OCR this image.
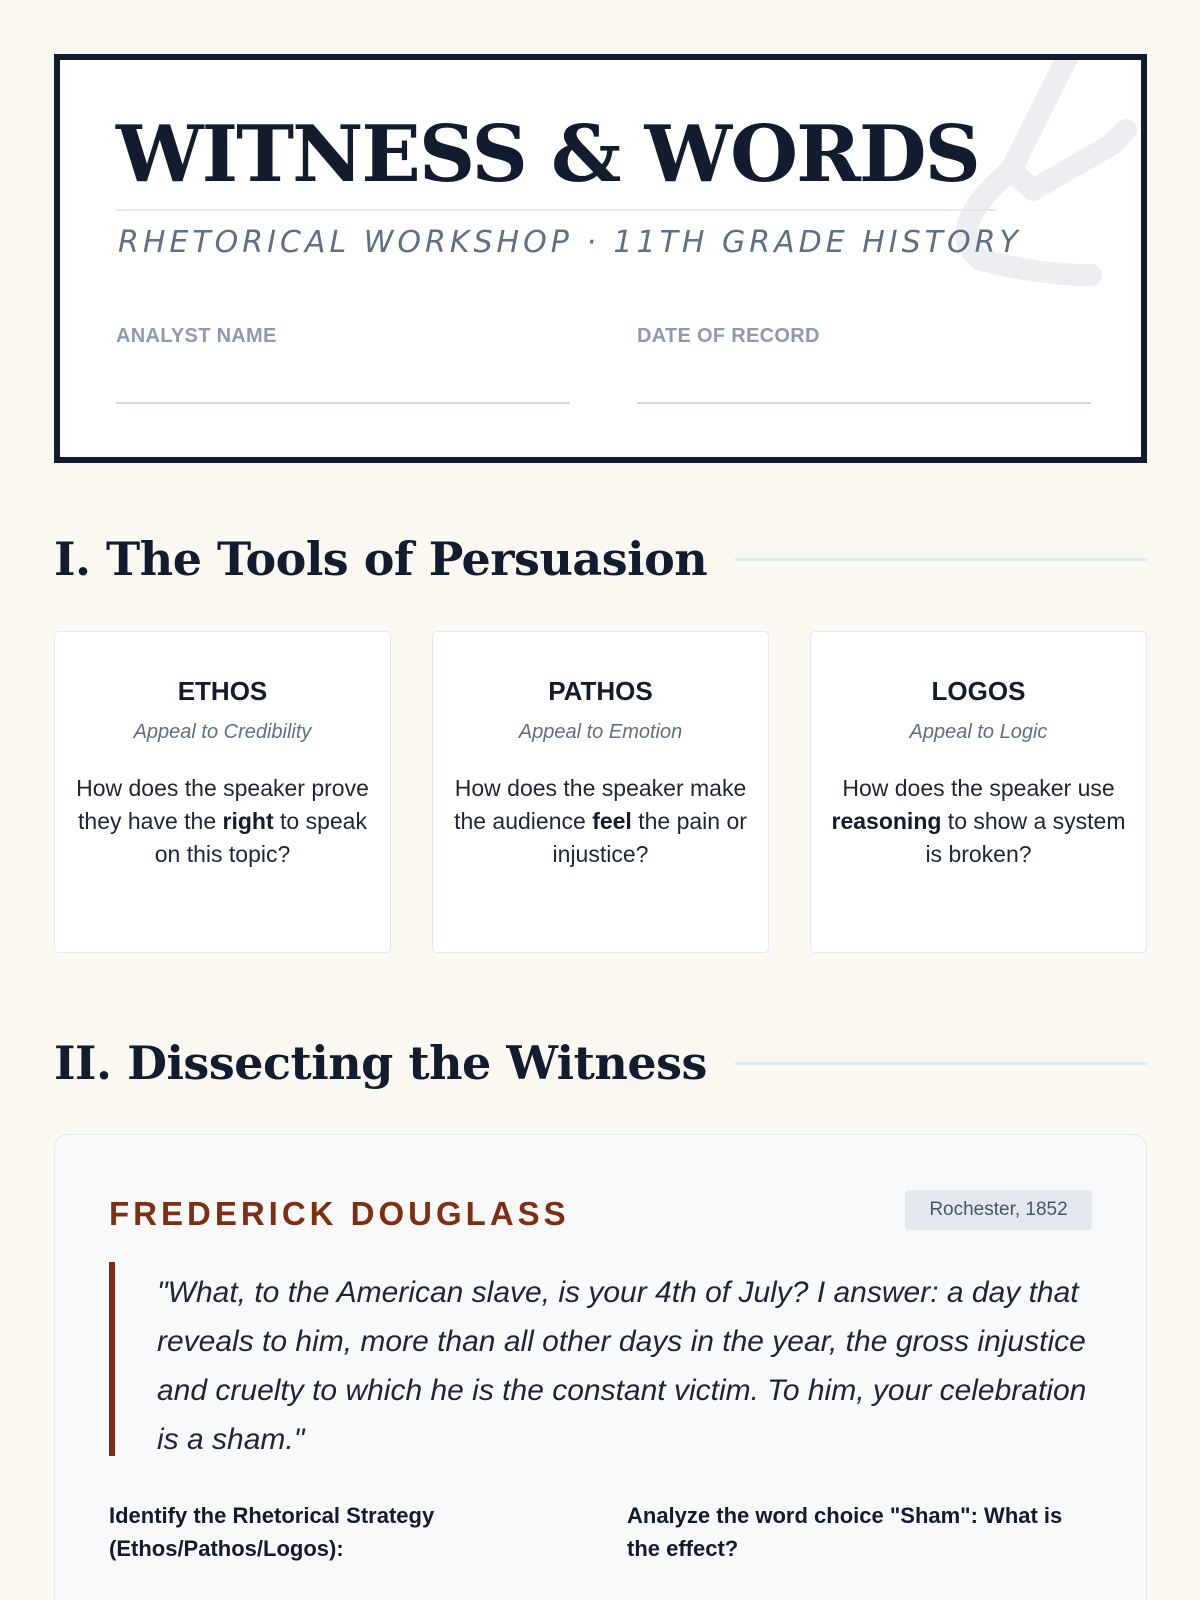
WITNESS & WORDS
RHETORICAL WORKSHOP · 11TH GRADE HISTORY
ANALYST NAME	DATE OF RECORD
I. The Tools of Persuasion
ETHOS
Appeal to Credibility
How does the speaker prove they have the right to speak on this topic?
PATHOS
Appeal to Emotion
How does the speaker make the audience feel the pain or injustice?
LOGOS
Appeal to Logic
How does the speaker use reasoning to show a system is broken?
II. Dissecting the Witness
FREDERICK DOUGLASS	Rochester, 1852
"What, to the American slave, is your 4th of July? I answer: a day that reveals to him, more than all other days in the year, the gross injustice and cruelty to which he is the constant victim. To him, your celebration is a sham."
Identify the Rhetorical Strategy (Ethos/Pathos/Logos):
Analyze the word choice "Sham": What is the effect?
